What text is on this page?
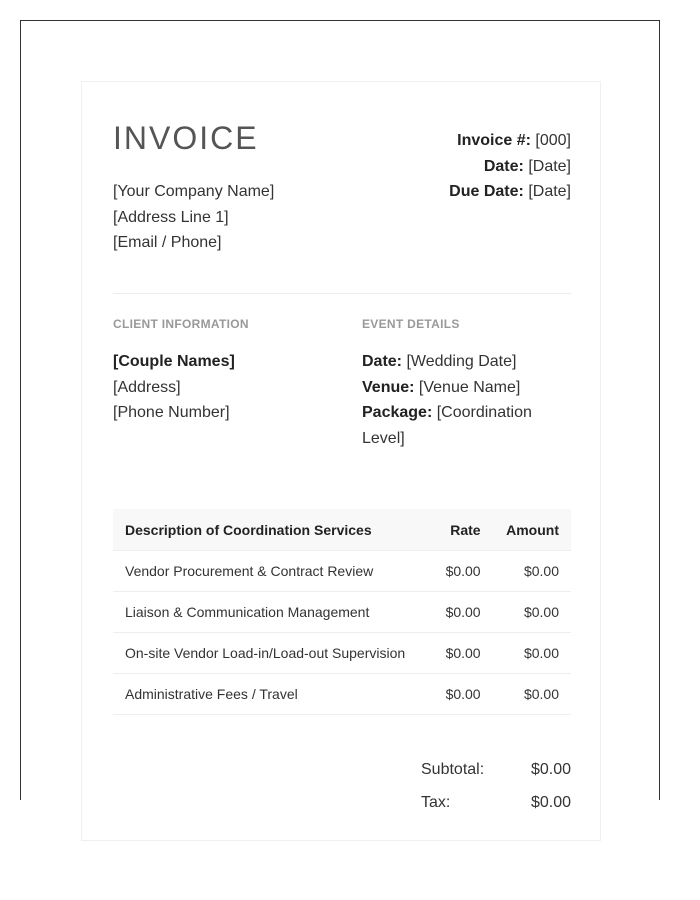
INVOICE
[Your Company Name]
[Address Line 1]
[Email / Phone]
Invoice #: [000]
Date: [Date]
Due Date: [Date]
CLIENT INFORMATION	EVENT DETAILS
[Couple Names]
[Address]
[Phone Number]
Date: [Wedding Date]
Venue: [Venue Name]
Package: [Coordination Level]
Description of Coordination Services	Rate	Amount
Vendor Procurement & Contract Review	$0.00	$0.00
Liaison & Communication Management	$0.00	$0.00
On-site Vendor Load-in/Load-out Supervision	$0.00	$0.00
Administrative Fees / Travel	$0.00	$0.00
Subtotal:	$0.00
Tax:	$0.00
